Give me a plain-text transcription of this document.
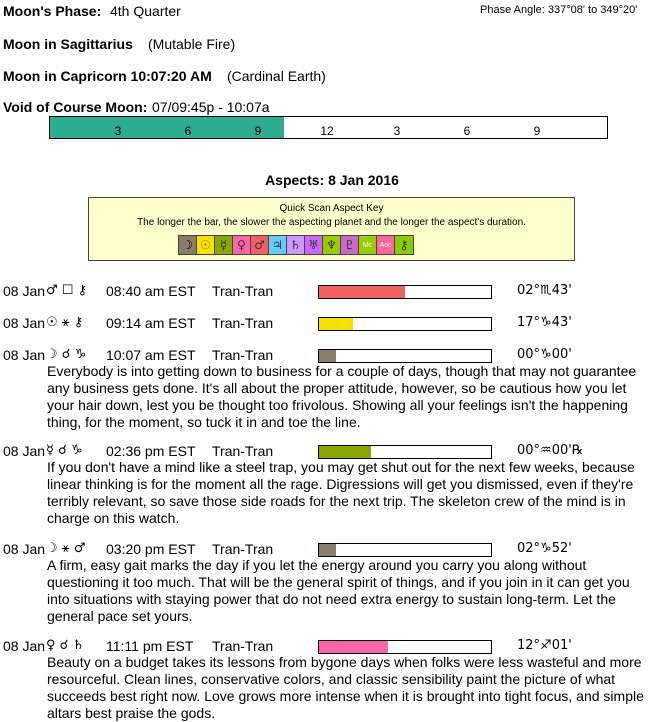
Moon's Phase: 4th Quarter	Phase Angle: 337°08' to 349°20'
Moon in Sagittarius (Mutable Fire)
Moon in Capricorn 10:07:20 AM (Cardinal Earth)
Void of Course Moon: 07/09:45p - 10:07a
3	6	9	12	3	6	9
Aspects: 8 Jan 2016
Quick Scan Aspect Key
The longer the bar, the slower the aspecting planet and the longer the aspect's duration.
☽ ☉ ☿ ♀ ♂ ♃ ♄ ♅ ♆ ♇	Mc	Asc ⚷
08 Jan ♂ ☐ ⚷ 08:40 am EST Tran-Tran	02°♏43'
08 Jan ☉ ⚹ ⚷ 09:14 am EST Tran-Tran	17°♑43'
08 Jan ☽ ☌ ♑ 10:07 am EST Tran-Tran	00°♑00'
Everybody is into getting down to business for a couple of days, though that may not guarantee any business gets done. It's all about the proper attitude, however, so be cautious how you let your hair down, lest you be thought too frivolous. Showing all your feelings isn't the happening thing, for the moment, so tuck it in and toe the line.
08 Jan ☿ ☌ ♑ 02:36 pm EST Tran-Tran	00°♒00'℞
If you don't have a mind like a steel trap, you may get shut out for the next few weeks, because linear thinking is for the moment all the rage. Digressions will get you dismissed, even if they're terribly relevant, so save those side roads for the next trip. The skeleton crew of the mind is in charge on this watch.
08 Jan ☽ ⚹ ♂ 03:20 pm EST Tran-Tran	02°♑52'
A firm, easy gait marks the day if you let the energy around you carry you along without questioning it too much. That will be the general spirit of things, and if you join in it can get you into situations with staying power that do not need extra energy to sustain long-term. Let the general pace set yours.
08 Jan ♀ ☌ ♄ 11:11 pm EST Tran-Tran	12°♐01'
Beauty on a budget takes its lessons from bygone days when folks were less wasteful and more resourceful. Clean lines, conservative colors, and classic sensibility paint the picture of what succeeds best right now. Love grows more intense when it is brought into tight focus, and simple altars best praise the gods.
